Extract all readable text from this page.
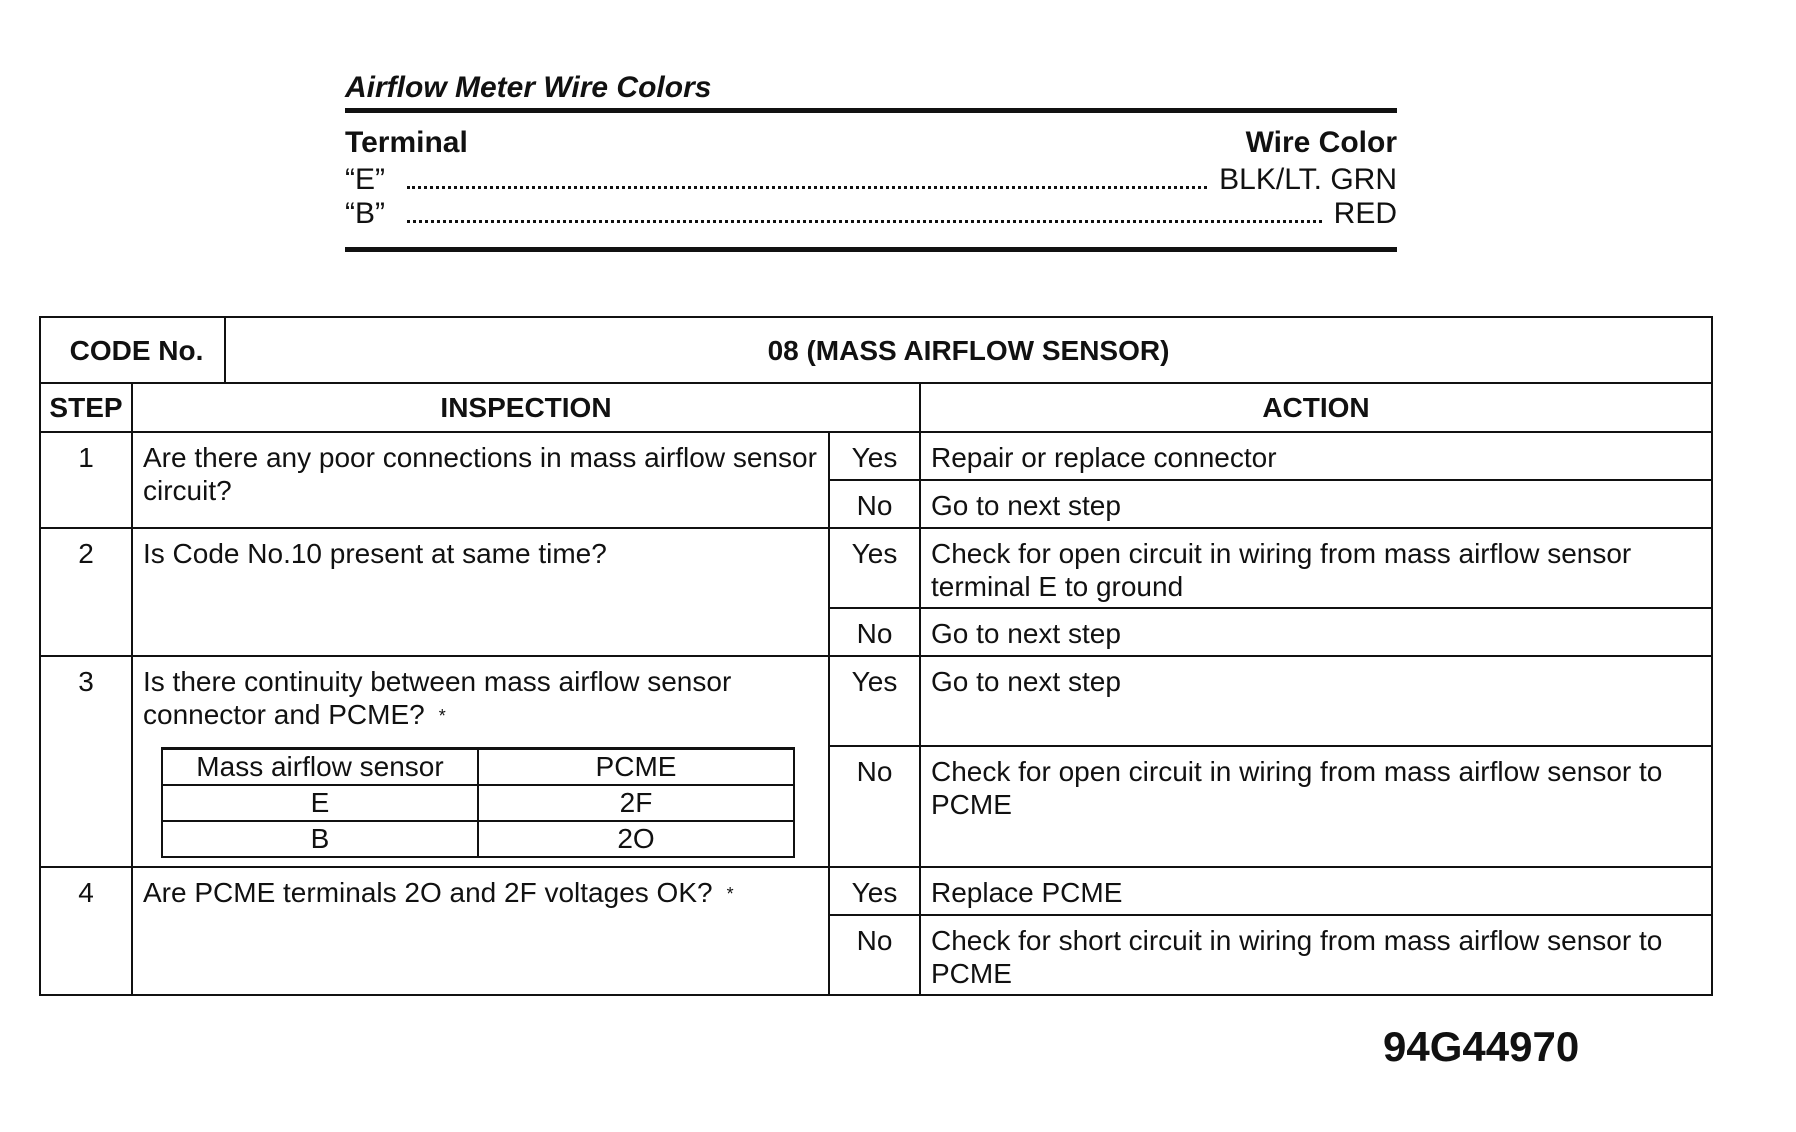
Airflow Meter Wire Colors
Terminal	Wire Color
“E”	BLK/LT. GRN
“B”	RED
CODE No.	08 (MASS AIRFLOW SENSOR)
STEP	INSPECTION	ACTION
1	Are there any poor connections in mass airflow sensor circuit?	Yes	Repair or replace connector
No	Go to next step
2	Is Code No.10 present at same time?	Yes	Check for open circuit in wiring from mass airflow sensor terminal E to ground
No	Go to next step
3	Is there continuity between mass airflow sensor connector and PCME? *
Mass airflow sensor	PCME
E	2F
B	2O
	Yes	Go to next step
No	Check for open circuit in wiring from mass airflow sensor to PCME
4	Are PCME terminals 2O and 2F voltages OK? *	Yes	Replace PCME
No	Check for short circuit in wiring from mass airflow sensor to PCME
94G44970
